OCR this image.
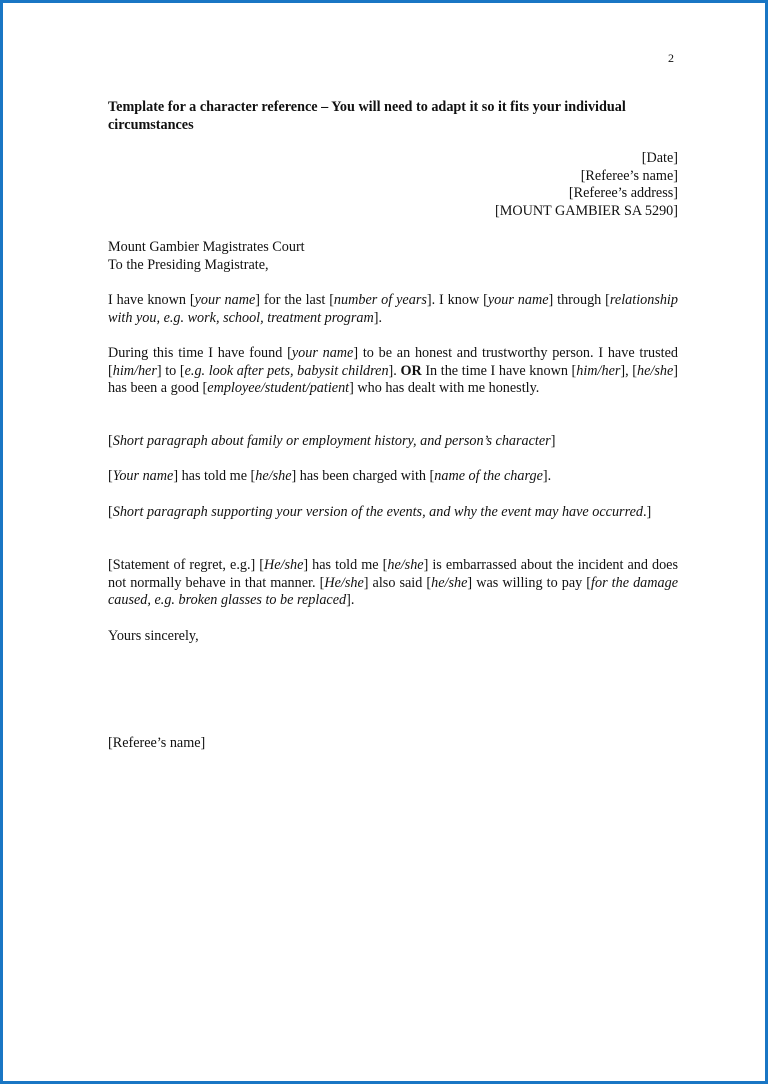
2
Template for a character reference – You will need to adapt it so it fits your individual circumstances
[Date]
[Referee’s name]
[Referee’s address]
[MOUNT GAMBIER SA 5290]
Mount Gambier Magistrates Court
To the Presiding Magistrate,

I have known [your name] for the last [number of years]. I know [your name] through [relationship with you, e.g. work, school, treatment program].

During this time I have found [your name] to be an honest and trustworthy person. I have trusted [him/her] to [e.g. look after pets, babysit children]. OR In the time I have known [him/her], [he/she] has been a good [employee/student/patient] who has dealt with me honestly.

[Short paragraph about family or employment history, and person’s character]

[Your name] has told me [he/she] has been charged with [name of the charge].

[Short paragraph supporting your version of the events, and why the event may have occurred.]

[Statement of regret, e.g.] [He/she] has told me [he/she] is embarrassed about the incident and does not normally behave in that manner. [He/she] also said [he/she] was willing to pay [for the damage caused, e.g. broken glasses to be replaced].

Yours sincerely,
[Referee’s name]
